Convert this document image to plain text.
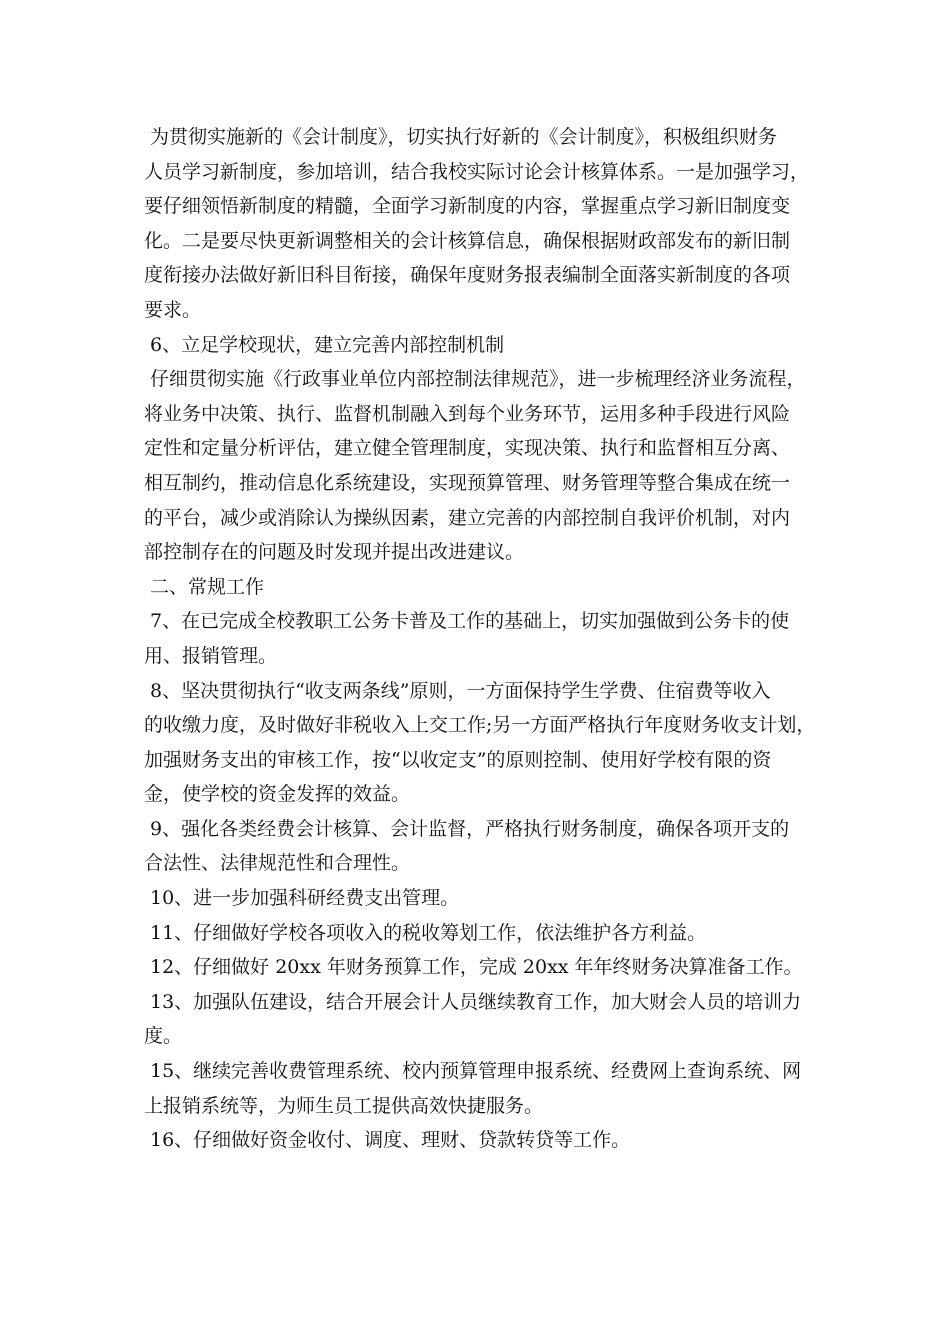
为贯彻实施新的《会计制度》，切实执行好新的《会计制度》，积极组织财务
人员学习新制度，参加培训，结合我校实际讨论会计核算体系。一是加强学习，
要仔细领悟新制度的精髓，全面学习新制度的内容，掌握重点学习新旧制度变
化。二是要尽快更新调整相关的会计核算信息，确保根据财政部发布的新旧制
度衔接办法做好新旧科目衔接，确保年度财务报表编制全面落实新制度的各项
要求。

6、立足学校现状，建立完善内部控制机制

仔细贯彻实施《行政事业单位内部控制法律规范》，进一步梳理经济业务流程，
将业务中决策、执行、监督机制融入到每个业务环节，运用多种手段进行风险
定性和定量分析评估，建立健全管理制度，实现决策、执行和监督相互分离、
相互制约，推动信息化系统建设，实现预算管理、财务管理等整合集成在统一
的平台，减少或消除认为操纵因素，建立完善的内部控制自我评价机制，对内
部控制存在的问题及时发现并提出改进建议。

二、常规工作

7、在已完成全校教职工公务卡普及工作的基础上，切实加强做到公务卡的使
用、报销管理。

8、坚决贯彻执行“收支两条线”原则，一方面保持学生学费、住宿费等收入
的收缴力度，及时做好非税收入上交工作;另一方面严格执行年度财务收支计划，
加强财务支出的审核工作，按“以收定支”的原则控制、使用好学校有限的资
金，使学校的资金发挥的效益。

9、强化各类经费会计核算、会计监督，严格执行财务制度，确保各项开支的
合法性、法律规范性和合理性。

10、进一步加强科研经费支出管理。

11、仔细做好学校各项收入的税收筹划工作，依法维护各方利益。

12、仔细做好 20xx 年财务预算工作，完成 20xx 年年终财务决算准备工作。

13、加强队伍建设，结合开展会计人员继续教育工作，加大财会人员的培训力
度。

15、继续完善收费管理系统、校内预算管理申报系统、经费网上查询系统、网
上报销系统等，为师生员工提供高效快捷服务。

16、仔细做好资金收付、调度、理财、贷款转贷等工作。
